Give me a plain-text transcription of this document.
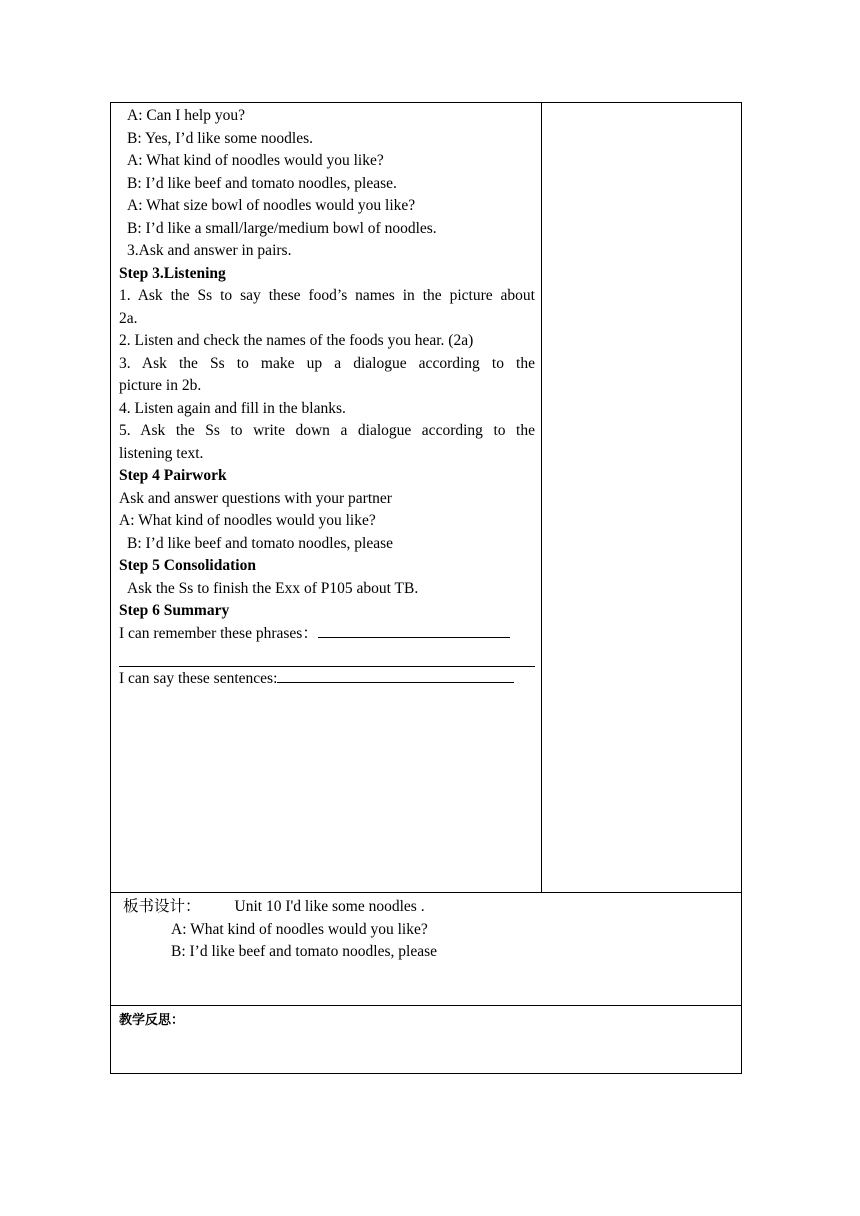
A: Can I help you?
B: Yes, I’d like some noodles.
A: What kind of noodles would you like?
B: I’d like beef and tomato noodles, please.
A: What size bowl of noodles would you like?
B: I’d like a small/large/medium bowl of noodles.
3.Ask and answer in pairs.
Step 3.Listening
1. Ask the Ss to say these food’s names in the picture about
2a.
2. Listen and check the names of the foods you hear. (2a)
3. Ask the Ss to make up a dialogue according to the
picture in 2b.
4. Listen again and fill in the blanks.
5. Ask the Ss to write down a dialogue according to the
listening text.
Step 4 Pairwork
Ask and answer questions with your partner
A: What kind of noodles would you like?
B: I’d like beef and tomato noodles, please
Step 5 Consolidation
Ask the Ss to finish the Exx of P105 about TB.
Step 6 Summary
I can remember these phrases：
I can say these sentences:
板书设计： Unit 10 I'd like some noodles .
A: What kind of noodles would you like?
B: I’d like beef and tomato noodles, please
教学反思：
